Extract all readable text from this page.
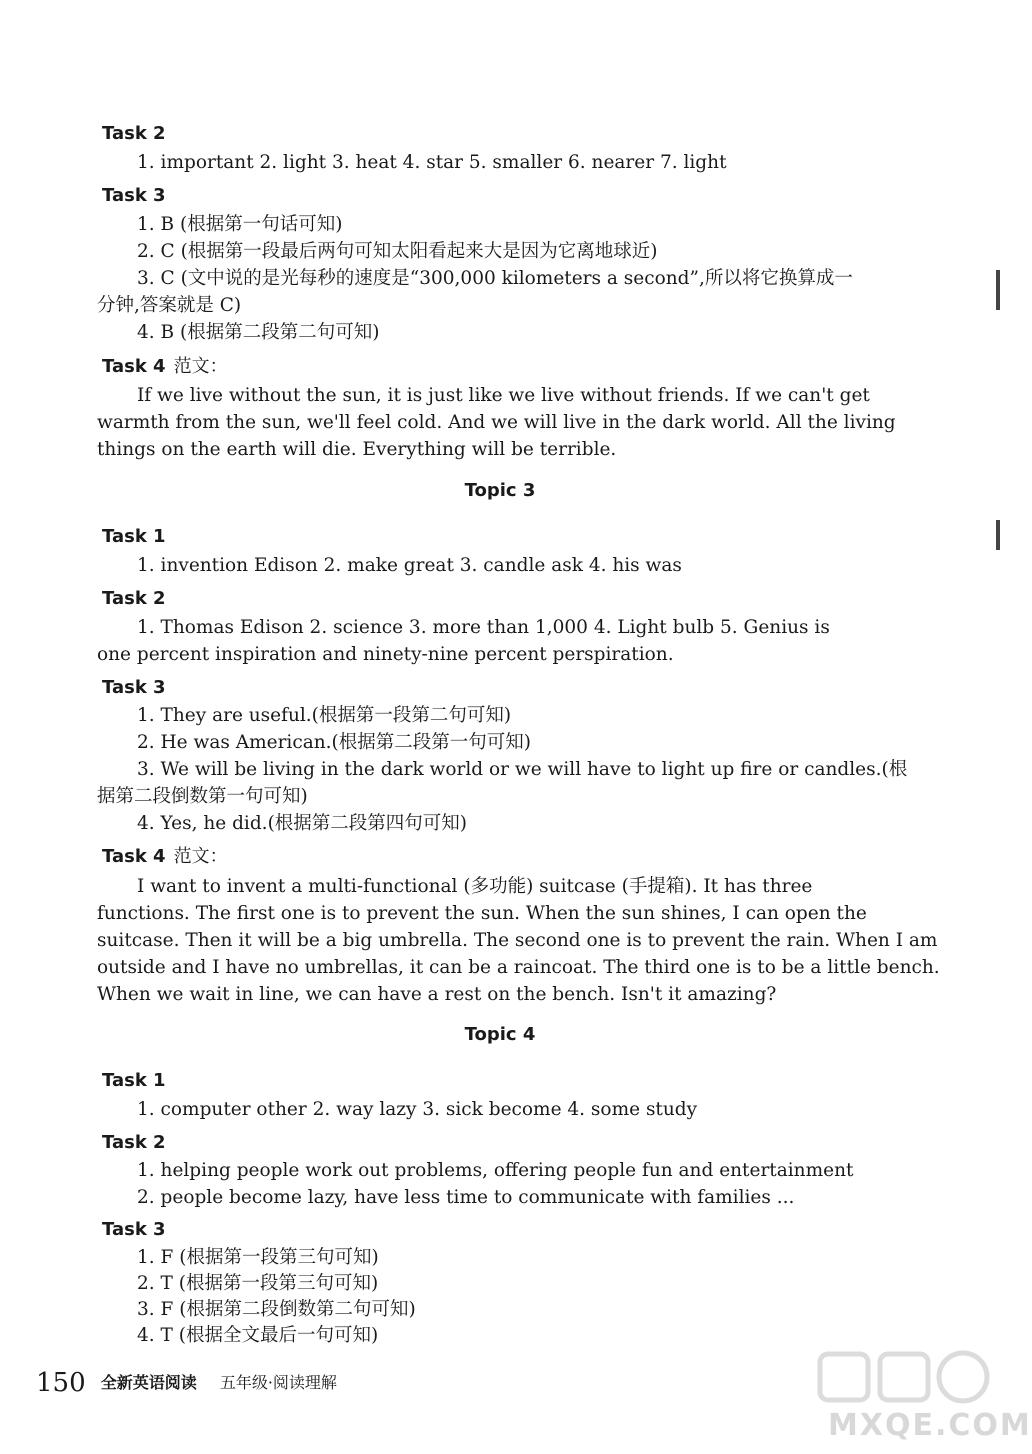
Task 2
1. important 2. light 3. heat 4. star 5. smaller 6. nearer 7. light
Task 3
1. B (根据第一句话可知)
2. C (根据第一段最后两句可知太阳看起来大是因为它离地球近)
3. C (文中说的是光每秒的速度是“300,000 kilometers a second”,所以将它换算成一
分钟,答案就是 C)
4. B (根据第二段第二句可知)
Task 4 范文：
If we live without the sun, it is just like we live without friends. If we can't get
warmth from the sun, we'll feel cold. And we will live in the dark world. All the living
things on the earth will die. Everything will be terrible.
Topic 3
Task 1
1. invention Edison 2. make great 3. candle ask 4. his was
Task 2
1. Thomas Edison 2. science 3. more than 1,000 4. Light bulb 5. Genius is
one percent inspiration and ninety-nine percent perspiration.
Task 3
1. They are useful.(根据第一段第二句可知)
2. He was American.(根据第二段第一句可知)
3. We will be living in the dark world or we will have to light up fire or candles.(根
据第二段倒数第一句可知)
4. Yes, he did.(根据第二段第四句可知)
Task 4 范文：
I want to invent a multi-functional (多功能) suitcase (手提箱). It has three
functions. The first one is to prevent the sun. When the sun shines, I can open the
suitcase. Then it will be a big umbrella. The second one is to prevent the rain. When I am
outside and I have no umbrellas, it can be a raincoat. The third one is to be a little bench.
When we wait in line, we can have a rest on the bench. Isn't it amazing?
Topic 4
Task 1
1. computer other 2. way lazy 3. sick become 4. some study
Task 2
1. helping people work out problems, offering people fun and entertainment
2. people become lazy, have less time to communicate with families ...
Task 3
1. F (根据第一段第三句可知)
2. T (根据第一段第三句可知)
3. F (根据第二段倒数第二句可知)
4. T (根据全文最后一句可知)
150 全新英语阅读 五年级·阅读理解
MXQE.COM
